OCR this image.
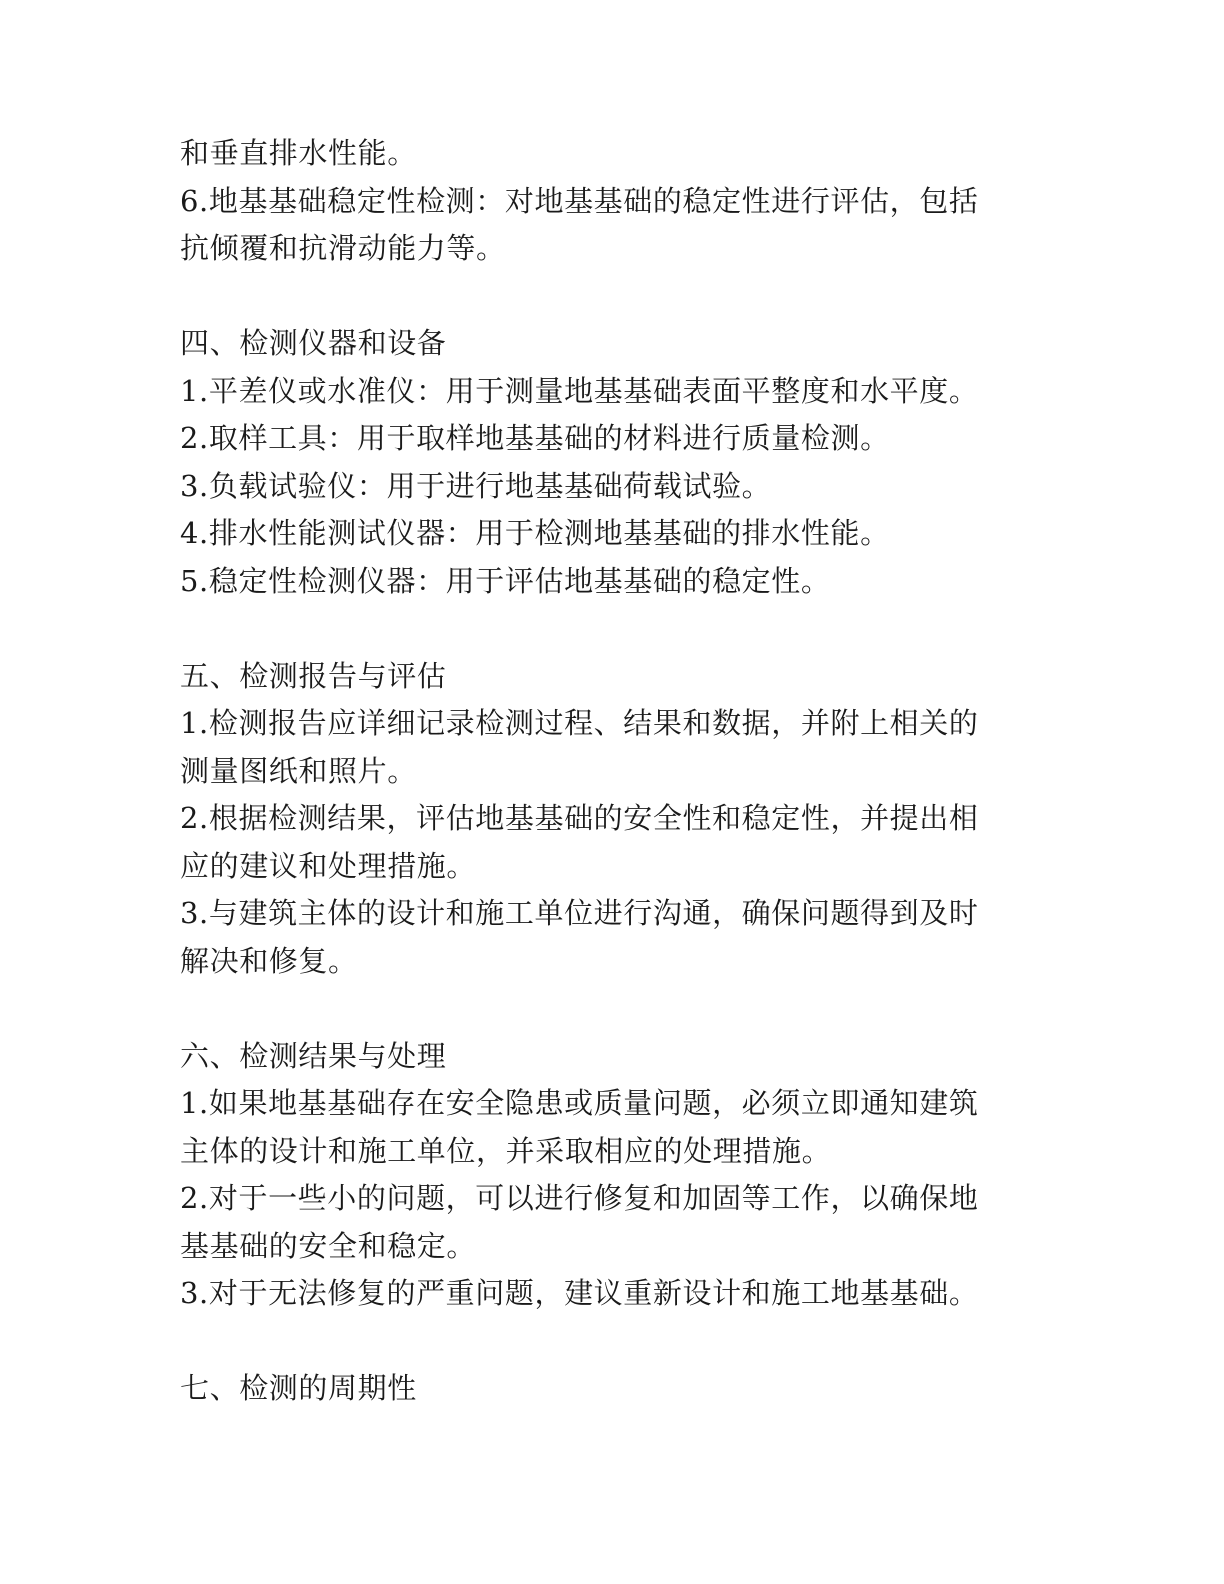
和垂直排水性能。
6.地基基础稳定性检测：对地基基础的稳定性进行评估，包括
抗倾覆和抗滑动能力等。
四、检测仪器和设备
1.平差仪或水准仪：用于测量地基基础表面平整度和水平度。
2.取样工具：用于取样地基基础的材料进行质量检测。
3.负载试验仪：用于进行地基基础荷载试验。
4.排水性能测试仪器：用于检测地基基础的排水性能。
5.稳定性检测仪器：用于评估地基基础的稳定性。
五、检测报告与评估
1.检测报告应详细记录检测过程、结果和数据，并附上相关的
测量图纸和照片。
2.根据检测结果，评估地基基础的安全性和稳定性，并提出相
应的建议和处理措施。
3.与建筑主体的设计和施工单位进行沟通，确保问题得到及时
解决和修复。
六、检测结果与处理
1.如果地基基础存在安全隐患或质量问题，必须立即通知建筑
主体的设计和施工单位，并采取相应的处理措施。
2.对于一些小的问题，可以进行修复和加固等工作，以确保地
基基础的安全和稳定。
3.对于无法修复的严重问题，建议重新设计和施工地基基础。
七、检测的周期性
